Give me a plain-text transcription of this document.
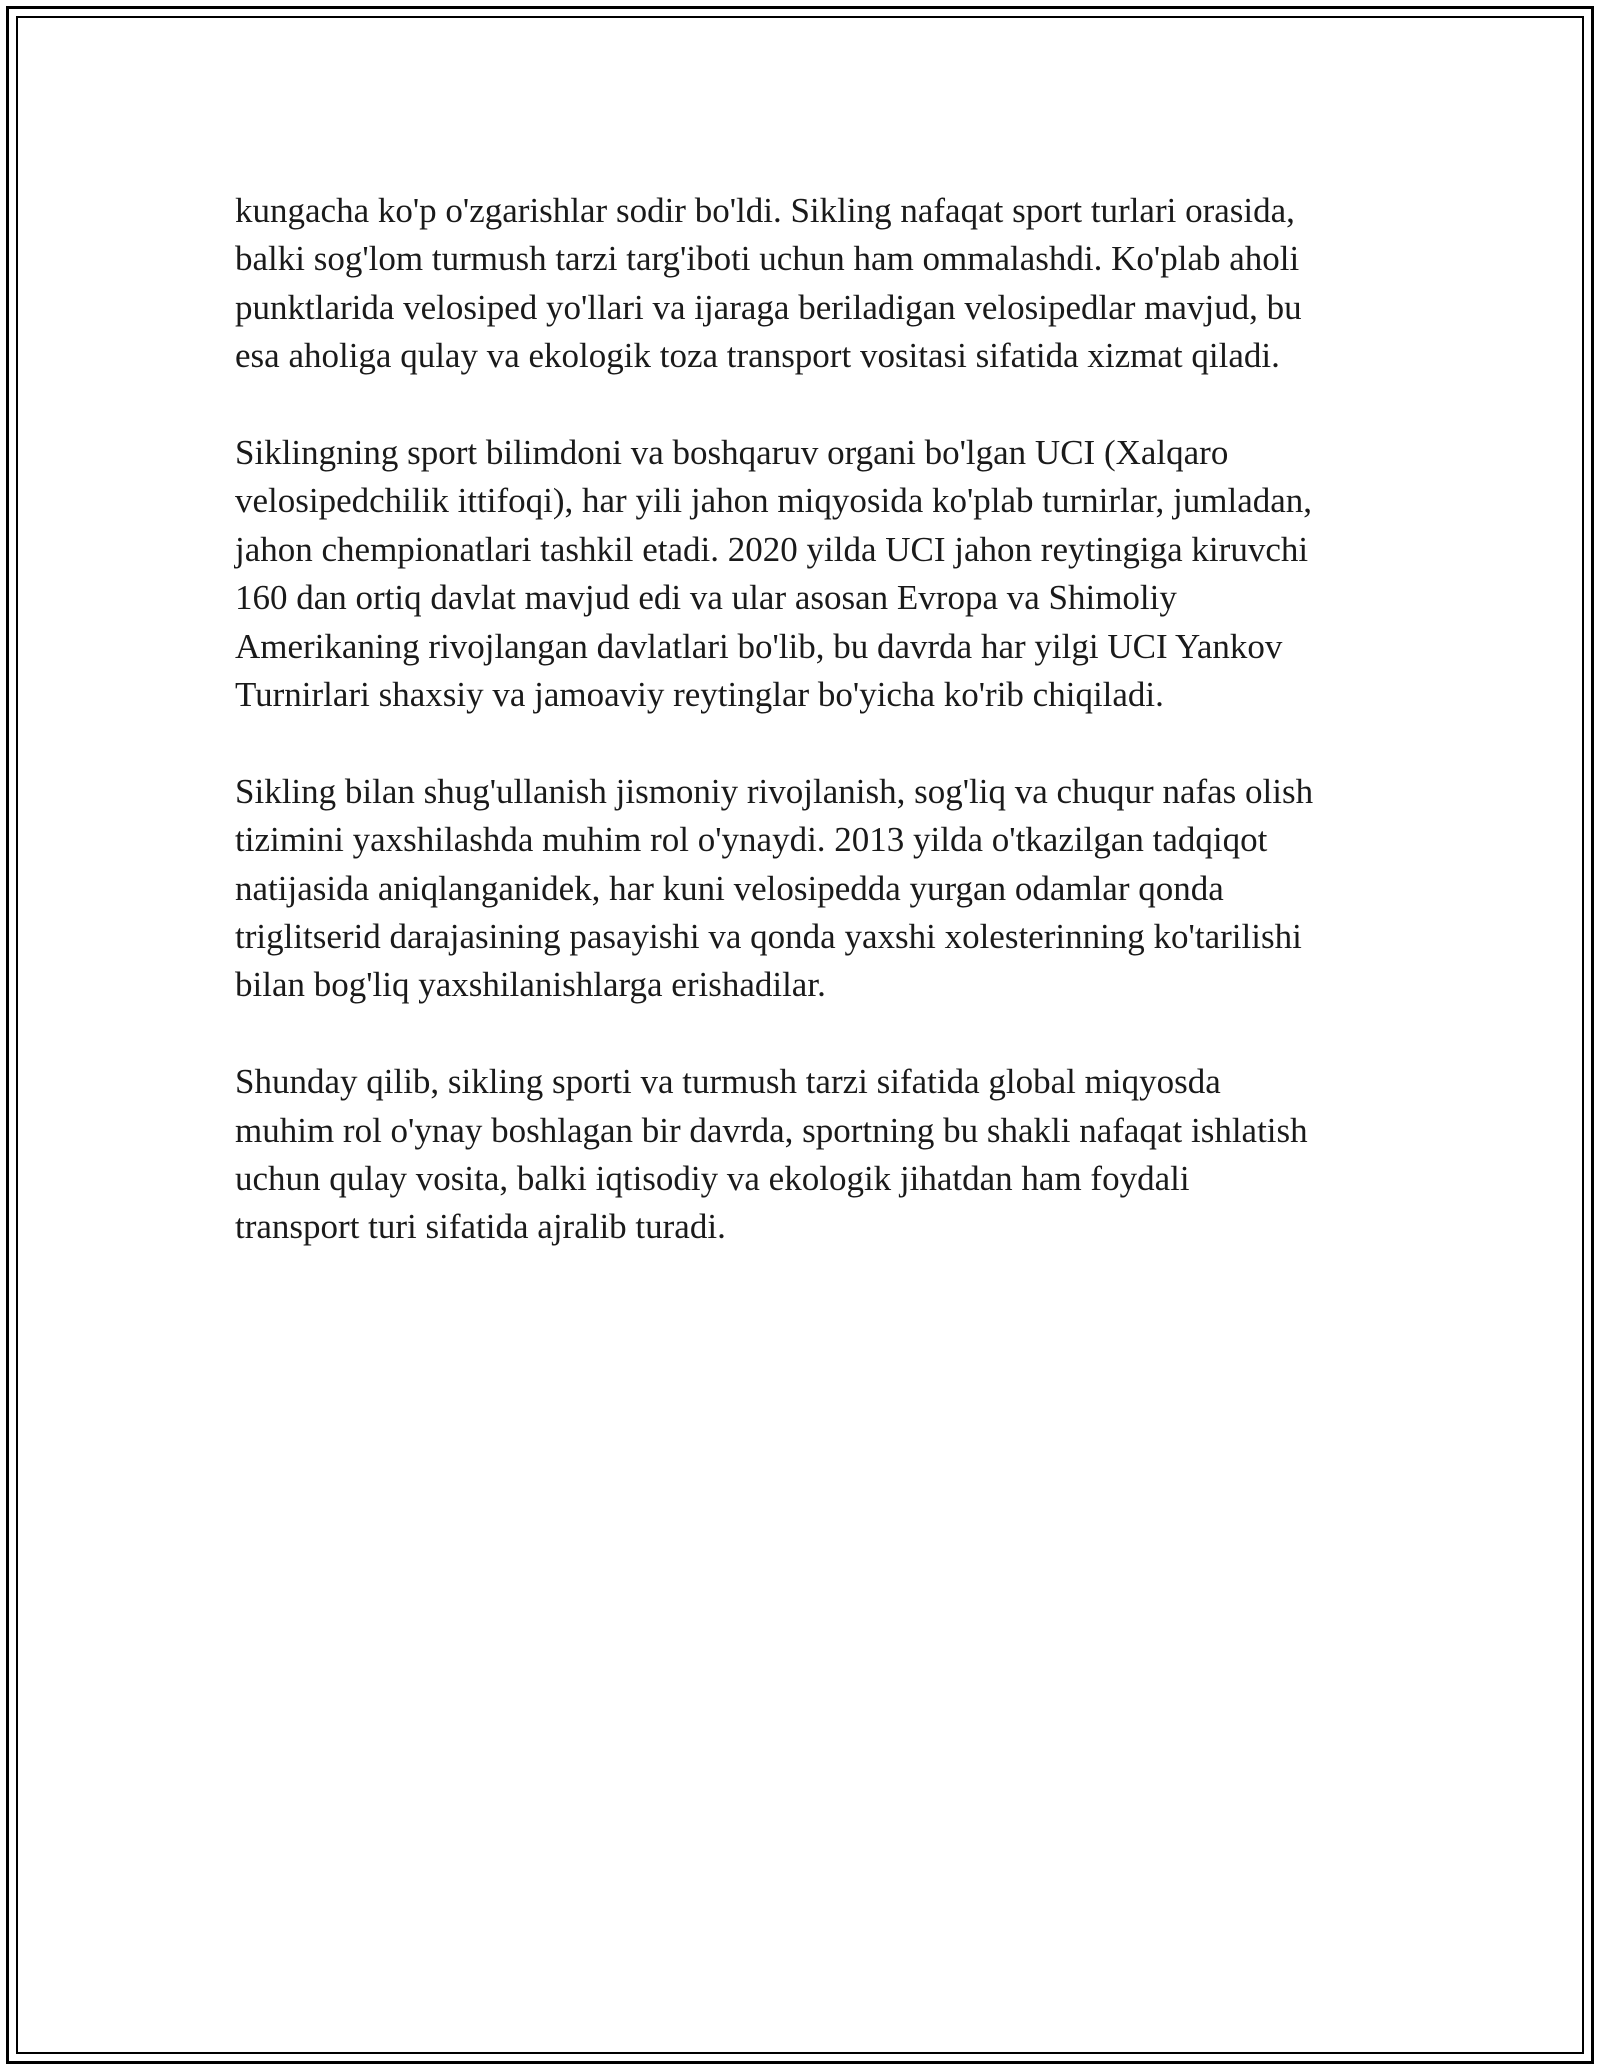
kungacha ko'p o'zgarishlar sodir bo'ldi. Sikling nafaqat sport turlari orasida,
balki sog'lom turmush tarzi targ'iboti uchun ham ommalashdi. Ko'plab aholi
punktlarida velosiped yo'llari va ijaraga beriladigan velosipedlar mavjud, bu
esa aholiga qulay va ekologik toza transport vositasi sifatida xizmat qiladi.

Siklingning sport bilimdoni va boshqaruv organi bo'lgan UCI (Xalqaro
velosipedchilik ittifoqi), har yili jahon miqyosida ko'plab turnirlar, jumladan,
jahon chempionatlari tashkil etadi. 2020 yilda UCI jahon reytingiga kiruvchi
160 dan ortiq davlat mavjud edi va ular asosan Evropa va Shimoliy
Amerikaning rivojlangan davlatlari bo'lib, bu davrda har yilgi UCI Yankov
Turnirlari shaxsiy va jamoaviy reytinglar bo'yicha ko'rib chiqiladi.

Sikling bilan shug'ullanish jismoniy rivojlanish, sog'liq va chuqur nafas olish
tizimini yaxshilashda muhim rol o'ynaydi. 2013 yilda o'tkazilgan tadqiqot
natijasida aniqlanganidek, har kuni velosipedda yurgan odamlar qonda
triglitserid darajasining pasayishi va qonda yaxshi xolesterinning ko'tarilishi
bilan bog'liq yaxshilanishlarga erishadilar.

Shunday qilib, sikling sporti va turmush tarzi sifatida global miqyosda
muhim rol o'ynay boshlagan bir davrda, sportning bu shakli nafaqat ishlatish
uchun qulay vosita, balki iqtisodiy va ekologik jihatdan ham foydali
transport turi sifatida ajralib turadi.
